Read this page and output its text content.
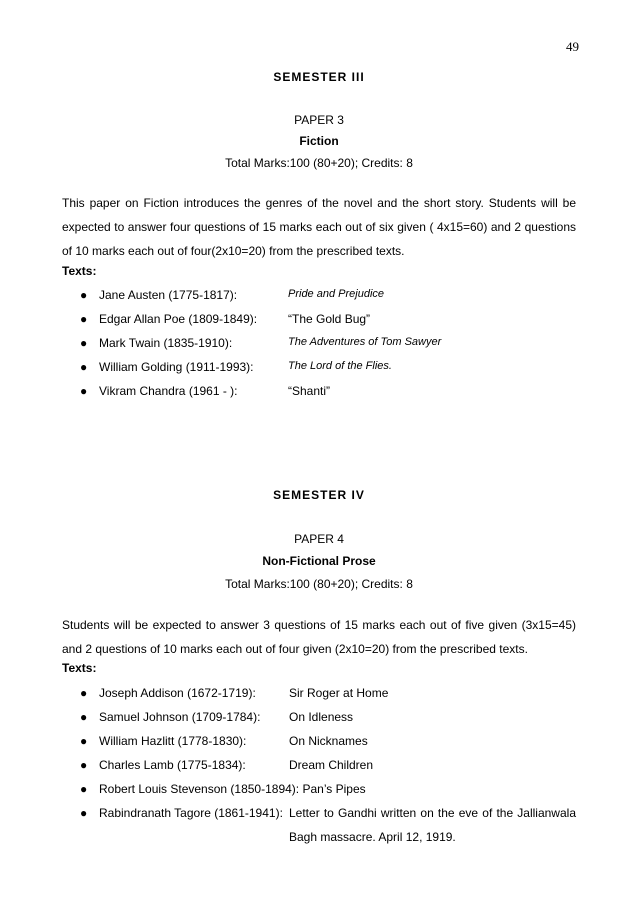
49
SEMESTER III
PAPER 3
Fiction
Total Marks:100 (80+20); Credits: 8
This paper on Fiction introduces the genres of the novel and the short story. Students will be expected to answer four questions of 15 marks each out of six given ( 4x15=60) and 2 questions of 10 marks each out of four(2x10=20) from the prescribed texts.
Texts:
● Jane Austen (1775-1817):	Pride and Prejudice
● Edgar Allan Poe (1809-1849):	“The Gold Bug”
● Mark Twain (1835-1910):	The Adventures of Tom Sawyer
● William Golding (1911-1993):	The Lord of the Flies.
● Vikram Chandra (1961 - ):	“Shanti”
SEMESTER IV
PAPER 4
Non-Fictional Prose
Total Marks:100 (80+20); Credits: 8
Students will be expected to answer 3 questions of 15 marks each out of five given (3x15=45) and 2 questions of 10 marks each out of four given (2x10=20) from the prescribed texts.
Texts:
● Joseph Addison (1672-1719):	Sir Roger at Home
● Samuel Johnson (1709-1784): On Idleness
● William Hazlitt (1778-1830):	On Nicknames
● Charles Lamb (1775-1834):	Dream Children
● Robert Louis Stevenson (1850-1894): Pan’s Pipes
● Rabindranath Tagore (1861-1941): Letter to Gandhi written on the eve of the Jallianwala Bagh massacre. April 12, 1919.
